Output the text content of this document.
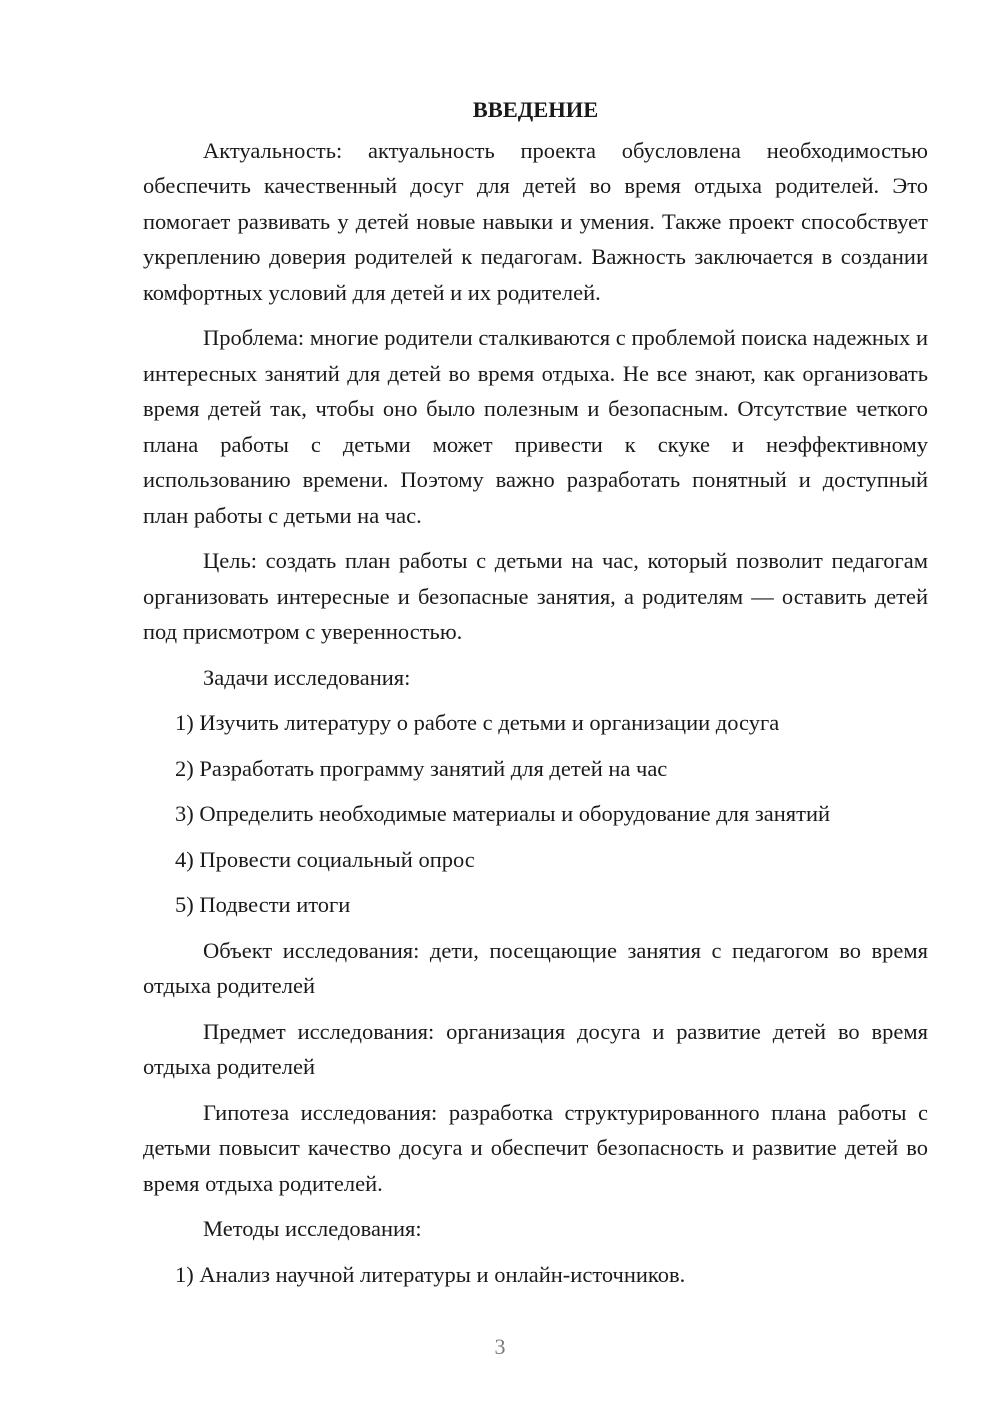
ВВЕДЕНИЕ
Актуальность: актуальность проекта обусловлена необходимостью обеспечить качественный досуг для детей во время отдыха родителей. Это помогает развивать у детей новые навыки и умения. Также проект способствует укреплению доверия родителей к педагогам. Важность заключается в создании комфортных условий для детей и их родителей.
Проблема: многие родители сталкиваются с проблемой поиска надежных и интересных занятий для детей во время отдыха. Не все знают, как организовать время детей так, чтобы оно было полезным и безопасным. Отсутствие четкого плана работы с детьми может привести к скуке и неэффективному использованию времени. Поэтому важно разработать понятный и доступный план работы с детьми на час.
Цель: создать план работы с детьми на час, который позволит педагогам организовать интересные и безопасные занятия, а родителям — оставить детей под присмотром с уверенностью.
Задачи исследования:
1) Изучить литературу о работе с детьми и организации досуга
2) Разработать программу занятий для детей на час
3) Определить необходимые материалы и оборудование для занятий
4) Провести социальный опрос
5) Подвести итоги
Объект исследования: дети, посещающие занятия с педагогом во время отдыха родителей
Предмет исследования: организация досуга и развитие детей во время отдыха родителей
Гипотеза исследования: разработка структурированного плана работы с детьми повысит качество досуга и обеспечит безопасность и развитие детей во время отдыха родителей.
Методы исследования:
1) Анализ научной литературы и онлайн-источников.
3
